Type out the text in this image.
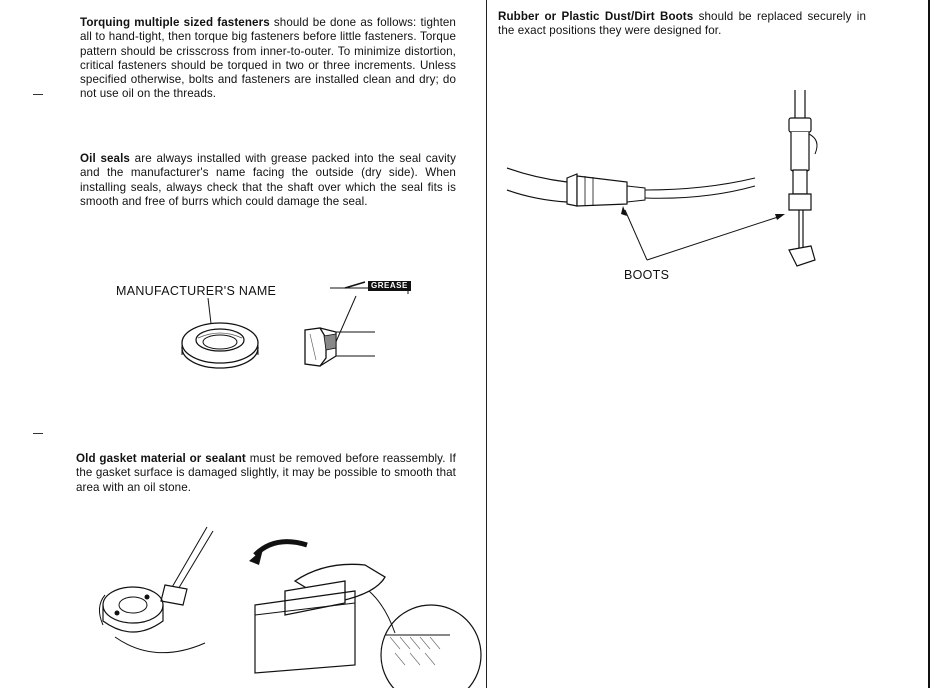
Torquing multiple sized fasteners should be done as follows: tighten all to hand-tight, then torque big fasteners before little fasteners. Torque pattern should be crisscross from inner-to-outer. To minimize distortion, critical fasteners should be torqued in two or three increments. Unless specified otherwise, bolts and fasteners are installed clean and dry; do not use oil on the threads.
Oil seals are always installed with grease packed into the seal cavity and the manufacturer's name facing the outside (dry side). When installing seals, always check that the shaft over which the seal fits is smooth and free of burrs which could damage the seal.
MANUFACTURER'S NAME	GREASE
Old gasket material or sealant must be removed before reassembly. If the gasket surface is damaged slightly, it may be possible to smooth that area with an oil stone.
Rubber or Plastic Dust/Dirt Boots should be replaced securely in the exact positions they were designed for.
BOOTS
